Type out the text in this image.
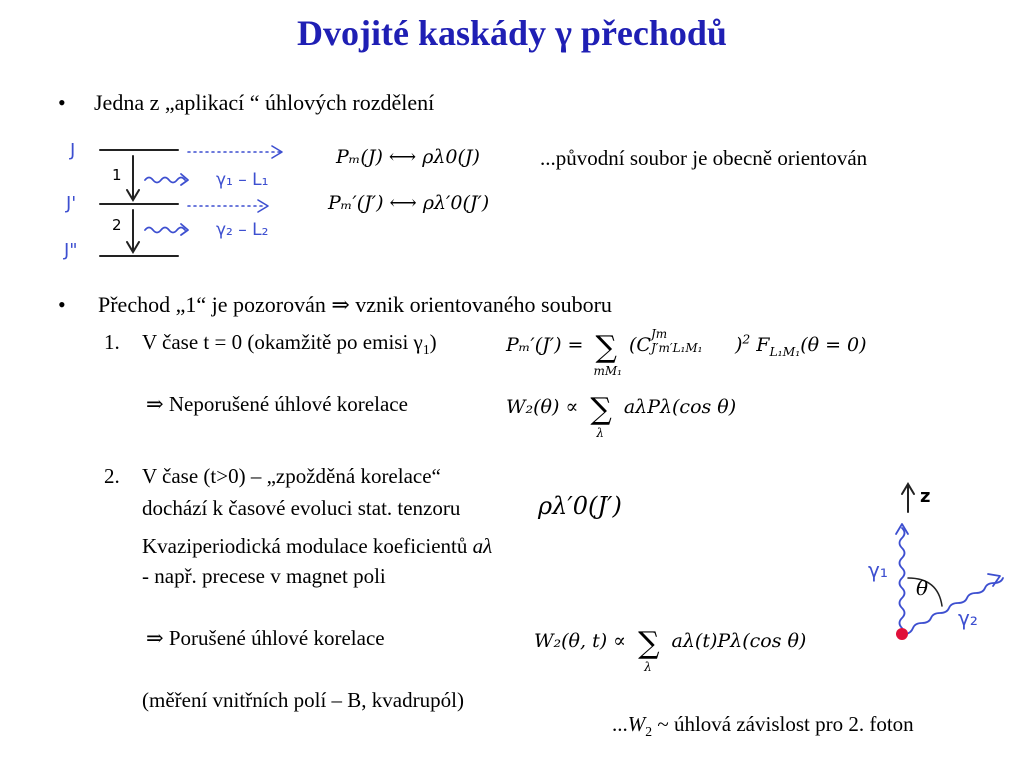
Dvojité kaskády γ přechodů
• Jedna z „aplikací “ úhlových rozdělení
J
J'
J"
1
2
γ₁ – L₁
γ₂ – L₂
Pₘ(J) ⟷ ρλ0(J)
Pₘ′(J′) ⟷ ρλ′0(J′)
...původní soubor je obecně orientován
• Přechod „1“ je pozorován ⇒ vznik orientovaného souboru
1. V čase t = 0 (okamžitě po emisi $\gamma_1$)	Pₘ′(J′) = ∑
mM₁
(C Jm
J′m′L₁M₁ )$^2$ $F_{L_1M_1}(\theta = 0)$
⇒ Neporušené úhlové korelace	W₂(θ) ∝ ∑
λ
aλPλ(cos θ)
2. V čase (t>0) – „zpožděná korelace“
dochází k časové evoluci stat. tenzoru	ρλ′0(J′)
Kvaziperiodická modulace koeficientů aλ
- např. precese v magnet poli
⇒ Porušené úhlové korelace	W₂(θ, t) ∝ ∑
λ
aλ(t)Pλ(cos θ)
(měření vnitřních polí – B, kvadrupól)
$...W_2$ ~ úhlová závislost pro 2. foton
z
γ₁
γ₂
θ
